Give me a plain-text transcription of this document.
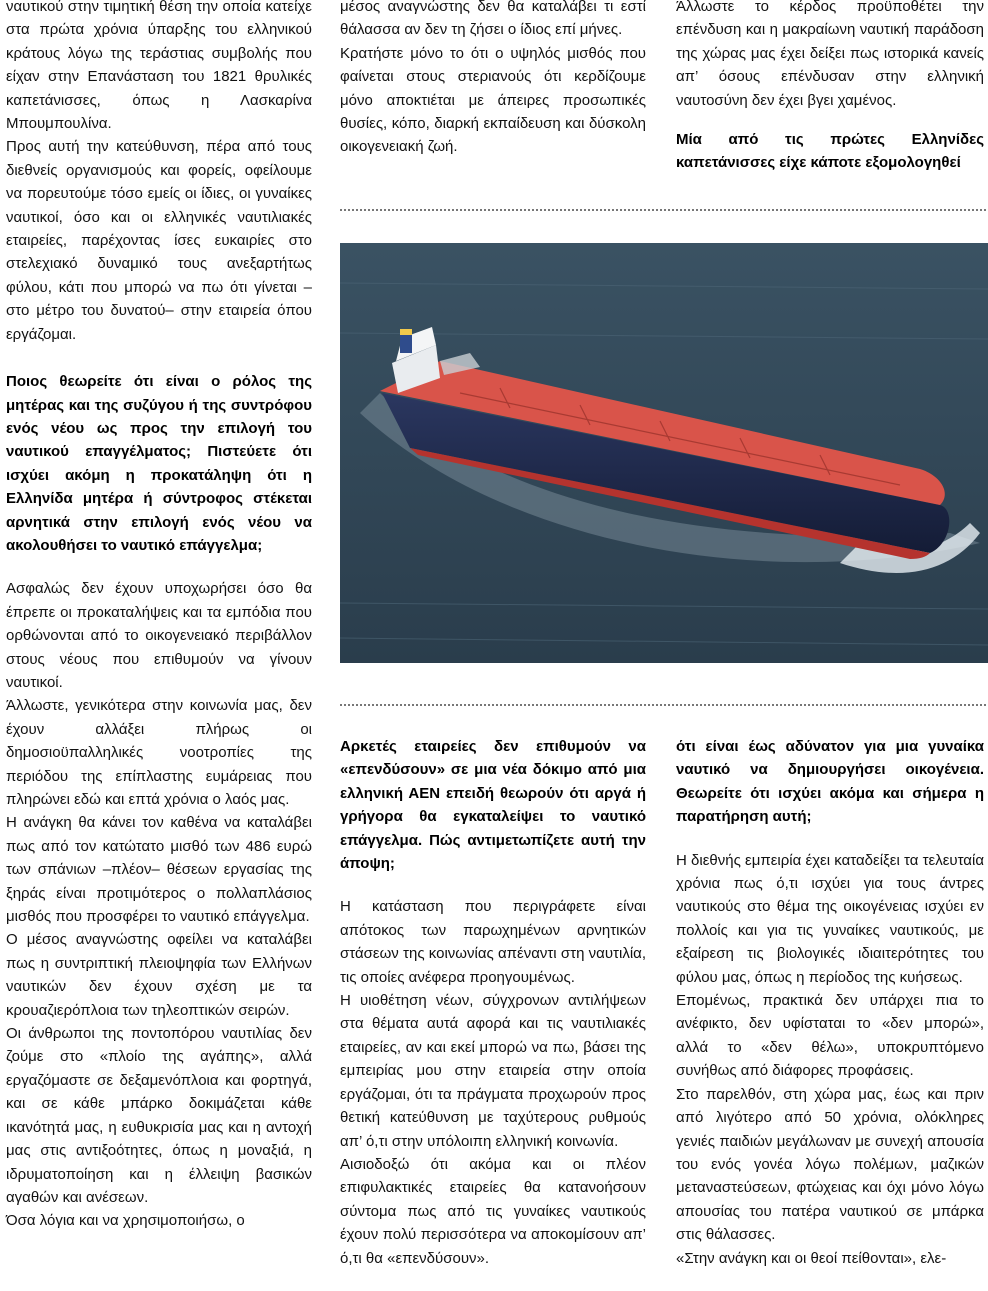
ναυτικού στην τιμητική θέση την οποία κατείχε στα πρώτα χρόνια ύπαρξης του ελληνικού κράτους λόγω της τεράστιας συμβολής που είχαν στην Επανάσταση του 1821 θρυλικές καπετάνισσες, όπως η Λασκαρίνα Μπουμπουλίνα.

Προς αυτή την κατεύθυνση, πέρα από τους διεθνείς οργανισμούς και φορείς, οφείλουμε να πορευτούμε τόσο εμείς οι ίδιες, οι γυναίκες ναυτικοί, όσο και οι ελληνικές ναυτιλιακές εταιρείες, παρέχοντας ίσες ευκαιρίες στο στελεχιακό δυναμικό τους ανεξαρτήτως φύλου, κάτι που μπορώ να πω ότι γίνεται –στο μέτρο του δυνατού– στην εταιρεία όπου εργάζομαι.

Ποιος θεωρείτε ότι είναι ο ρόλος της μητέρας και της συζύγου ή της συντρόφου ενός νέου ως προς την επιλογή του ναυτικού επαγγέλματος; Πιστεύετε ότι ισχύει ακόμη η προκατάληψη ότι η Ελληνίδα μητέρα ή σύντροφος στέκεται αρνητικά στην επιλογή ενός νέου να ακολουθήσει το ναυτικό επάγγελμα;

Ασφαλώς δεν έχουν υποχωρήσει όσο θα έπρεπε οι προκαταλήψεις και τα εμπόδια που ορθώνονται από το οικογενειακό περιβάλλον στους νέους που επιθυμούν να γίνουν ναυτικοί.

Άλλωστε, γενικότερα στην κοινωνία μας, δεν έχουν αλλάξει πλήρως οι δημοσιοϋπαλληλικές νοοτροπίες της περιόδου της επίπλαστης ευμάρειας που πληρώνει εδώ και επτά χρόνια ο λαός μας.

Η ανάγκη θα κάνει τον καθένα να καταλάβει πως από τον κατώτατο μισθό των 486 ευρώ των σπάνιων –πλέον– θέσεων εργασίας της ξηράς είναι προτιμότερος ο πολλαπλάσιος μισθός που προσφέρει το ναυτικό επάγγελμα.

Ο μέσος αναγνώστης οφείλει να καταλάβει πως η συντριπτική πλειοψηφία των Ελλήνων ναυτικών δεν έχουν σχέση με τα κρουαζιερόπλοια των τηλεοπτικών σειρών.

Οι άνθρωποι της ποντοπόρου ναυτιλίας δεν ζούμε στο «πλοίο της αγάπης», αλλά εργαζόμαστε σε δεξαμενόπλοια και φορτηγά, και σε κάθε μπάρκο δοκιμάζεται κάθε ικανότητά μας, η ευθυκρισία μας και η αντοχή μας στις αντιξοότητες, όπως η μοναξιά, η ιδρυματοποίηση και η έλλειψη βασικών αγαθών και ανέσεων.

Όσα λόγια και να χρησιμοποιήσω, ο

μέσος αναγνώστης δεν θα καταλάβει τι εστί θάλασσα αν δεν τη ζήσει ο ίδιος επί μήνες.

Κρατήστε μόνο το ότι ο υψηλός μισθός που φαίνεται στους στεριανούς ότι κερδίζουμε μόνο αποκτιέται με άπειρες προσωπικές θυσίες, κόπο, διαρκή εκπαίδευση και δύσκολη οικογενειακή ζωή.

Άλλωστε το κέρδος προϋποθέτει την επένδυση και η μακραίωνη ναυτική παράδοση της χώρας μας έχει δείξει πως ιστορικά κανείς απ’ όσους επένδυσαν στην ελληνική ναυτοσύνη δεν έχει βγει χαμένος.

Μία από τις πρώτες Ελληνίδες καπετάνισσες είχε κάποτε εξομολογηθεί

Αρκετές εταιρείες δεν επιθυμούν να «επενδύσουν» σε μια νέα δόκιμο από μια ελληνική ΑΕΝ επειδή θεωρούν ότι αργά ή γρήγορα θα εγκαταλείψει το ναυτικό επάγγελμα. Πώς αντιμετωπίζετε αυτή την άποψη;

Η κατάσταση που περιγράφετε είναι απότοκος των παρωχημένων αρνητικών στάσεων της κοινωνίας απέναντι στη ναυτιλία, τις οποίες ανέφερα προηγουμένως.

Η υιοθέτηση νέων, σύγχρονων αντιλήψεων στα θέματα αυτά αφορά και τις ναυτιλιακές εταιρείες, αν και εκεί μπορώ να πω, βάσει της εμπειρίας μου στην εταιρεία στην οποία εργάζομαι, ότι τα πράγματα προχωρούν προς θετική κατεύθυνση με ταχύτερους ρυθμούς απ’ ό,τι στην υπόλοιπη ελληνική κοινωνία.

Αισιοδοξώ ότι ακόμα και οι πλέον επιφυλακτικές εταιρείες θα κατανοήσουν σύντομα πως από τις γυναίκες ναυτικούς έχουν πολύ περισσότερα να αποκομίσουν απ’ ό,τι θα «επενδύσουν».

ότι είναι έως αδύνατον για μια γυναίκα ναυτικό να δημιουργήσει οικογένεια. Θεωρείτε ότι ισχύει ακόμα και σήμερα η παρατήρηση αυτή;

Η διεθνής εμπειρία έχει καταδείξει τα τελευταία χρόνια πως ό,τι ισχύει για τους άντρες ναυτικούς στο θέμα της οικογένειας ισχύει εν πολλοίς και για τις γυναίκες ναυτικούς, με εξαίρεση τις βιολογικές ιδιαιτερότητες του φύλου μας, όπως η περίοδος της κυήσεως.

Επομένως, πρακτικά δεν υπάρχει πια το ανέφικτο, δεν υφίσταται το «δεν μπορώ», αλλά το «δεν θέλω», υποκρυπτόμενο συνήθως από διάφορες προφάσεις.

Στο παρελθόν, στη χώρα μας, έως και πριν από λιγότερο από 50 χρόνια, ολόκληρες γενιές παιδιών μεγάλωναν με συνεχή απουσία του ενός γονέα λόγω πολέμων, μαζικών μεταναστεύσεων, φτώχειας και όχι μόνο λόγω απουσίας του πατέρα ναυτικού σε μπάρκα στις θάλασσες.

«Στην ανάγκη και οι θεοί πείθονται», ελε-
